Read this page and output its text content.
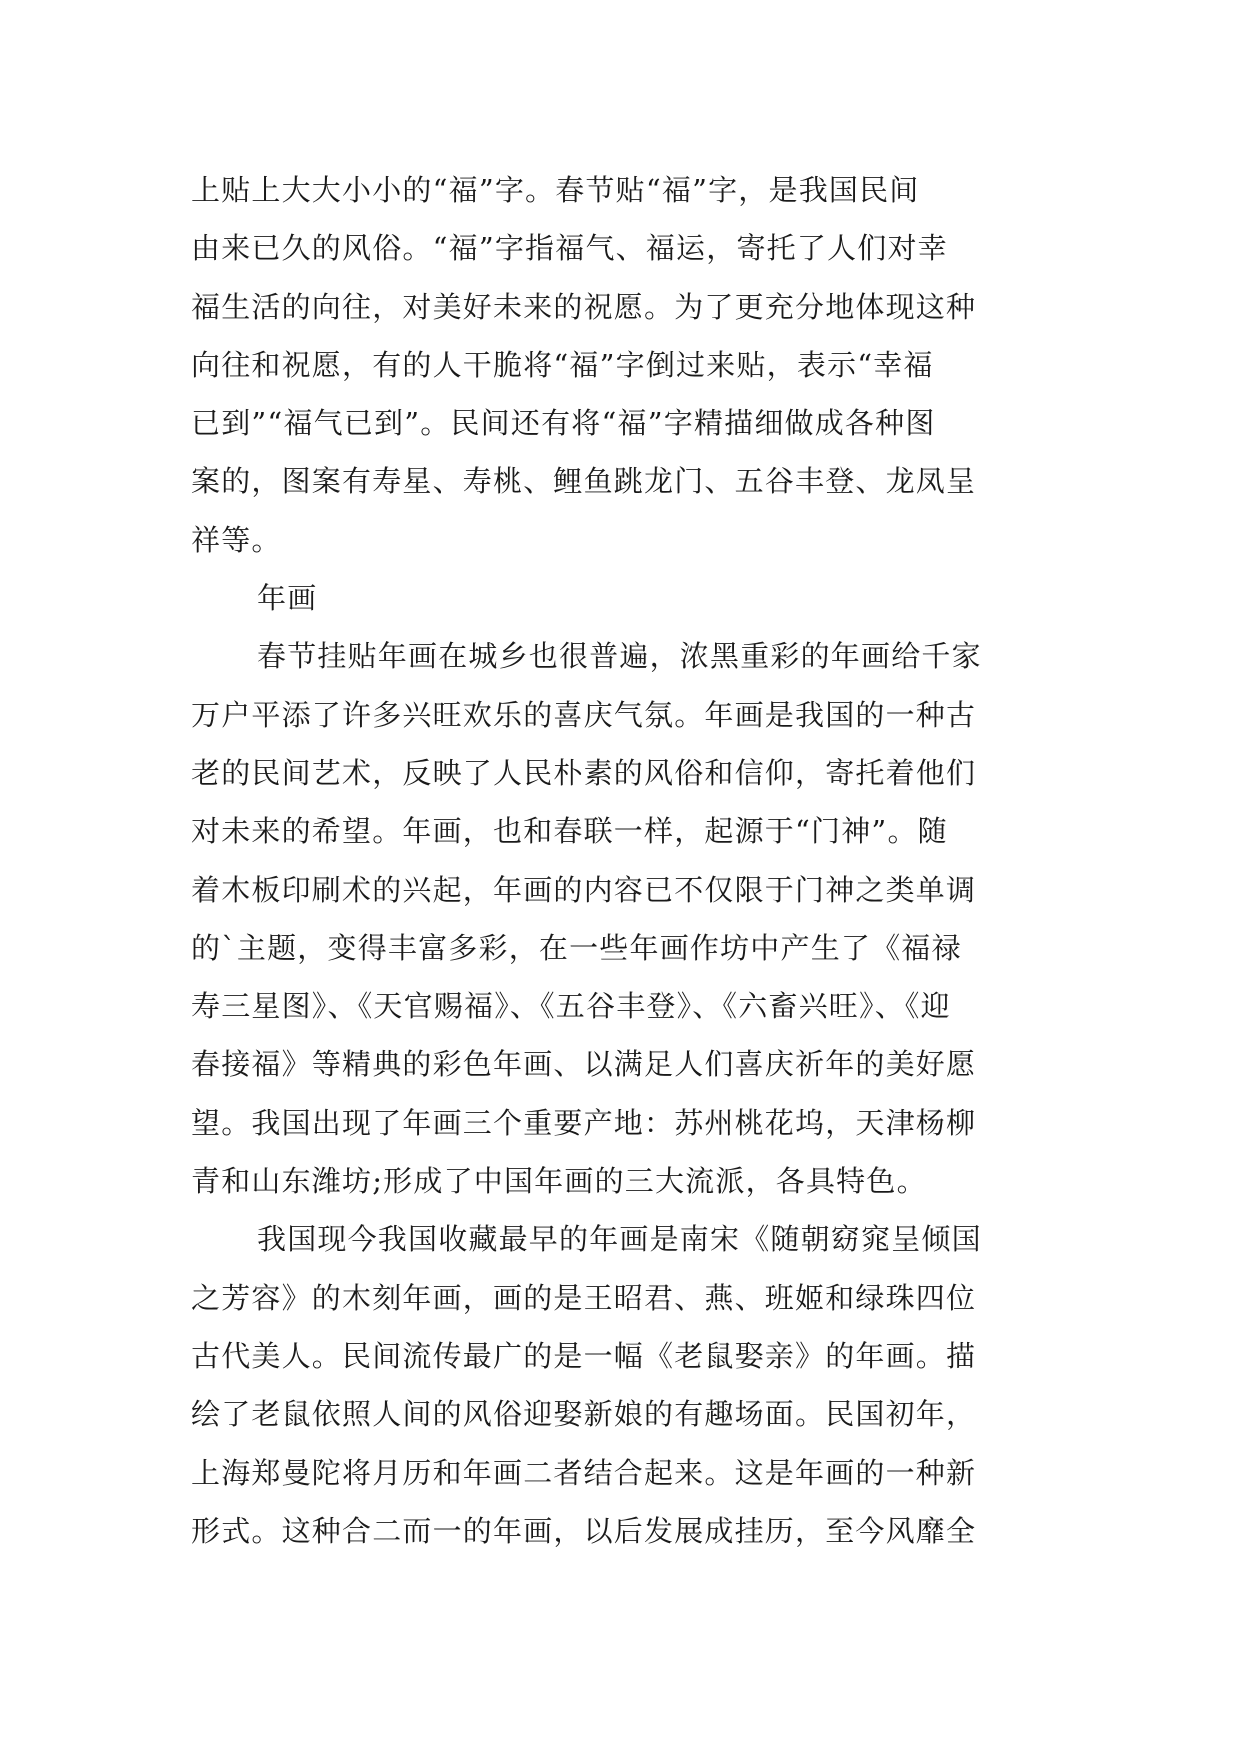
上贴上大大小小的“福”字。春节贴“福”字，是我国民间
由来已久的风俗。“福”字指福气、福运，寄托了人们对幸
福生活的向往，对美好未来的祝愿。为了更充分地体现这种
向往和祝愿，有的人干脆将“福”字倒过来贴，表示“幸福
已到”“福气已到”。民间还有将“福”字精描细做成各种图
案的，图案有寿星、寿桃、鲤鱼跳龙门、五谷丰登、龙凤呈
祥等。
年画
春节挂贴年画在城乡也很普遍，浓黑重彩的年画给千家
万户平添了许多兴旺欢乐的喜庆气氛。年画是我国的一种古
老的民间艺术，反映了人民朴素的风俗和信仰，寄托着他们
对未来的希望。年画，也和春联一样，起源于“门神”。随
着木板印刷术的兴起，年画的内容已不仅限于门神之类单调
的`主题，变得丰富多彩，在一些年画作坊中产生了《福禄
寿三星图》、《天官赐福》、《五谷丰登》、《六畜兴旺》、《迎
春接福》等精典的彩色年画、以满足人们喜庆祈年的美好愿
望。我国出现了年画三个重要产地：苏州桃花坞，天津杨柳
青和山东潍坊;形成了中国年画的三大流派，各具特色。
我国现今我国收藏最早的年画是南宋《随朝窈窕呈倾国
之芳容》的木刻年画，画的是王昭君、燕、班姬和绿珠四位
古代美人。民间流传最广的是一幅《老鼠娶亲》的年画。描
绘了老鼠依照人间的风俗迎娶新娘的有趣场面。民国初年，
上海郑曼陀将月历和年画二者结合起来。这是年画的一种新
形式。这种合二而一的年画，以后发展成挂历，至今风靡全
